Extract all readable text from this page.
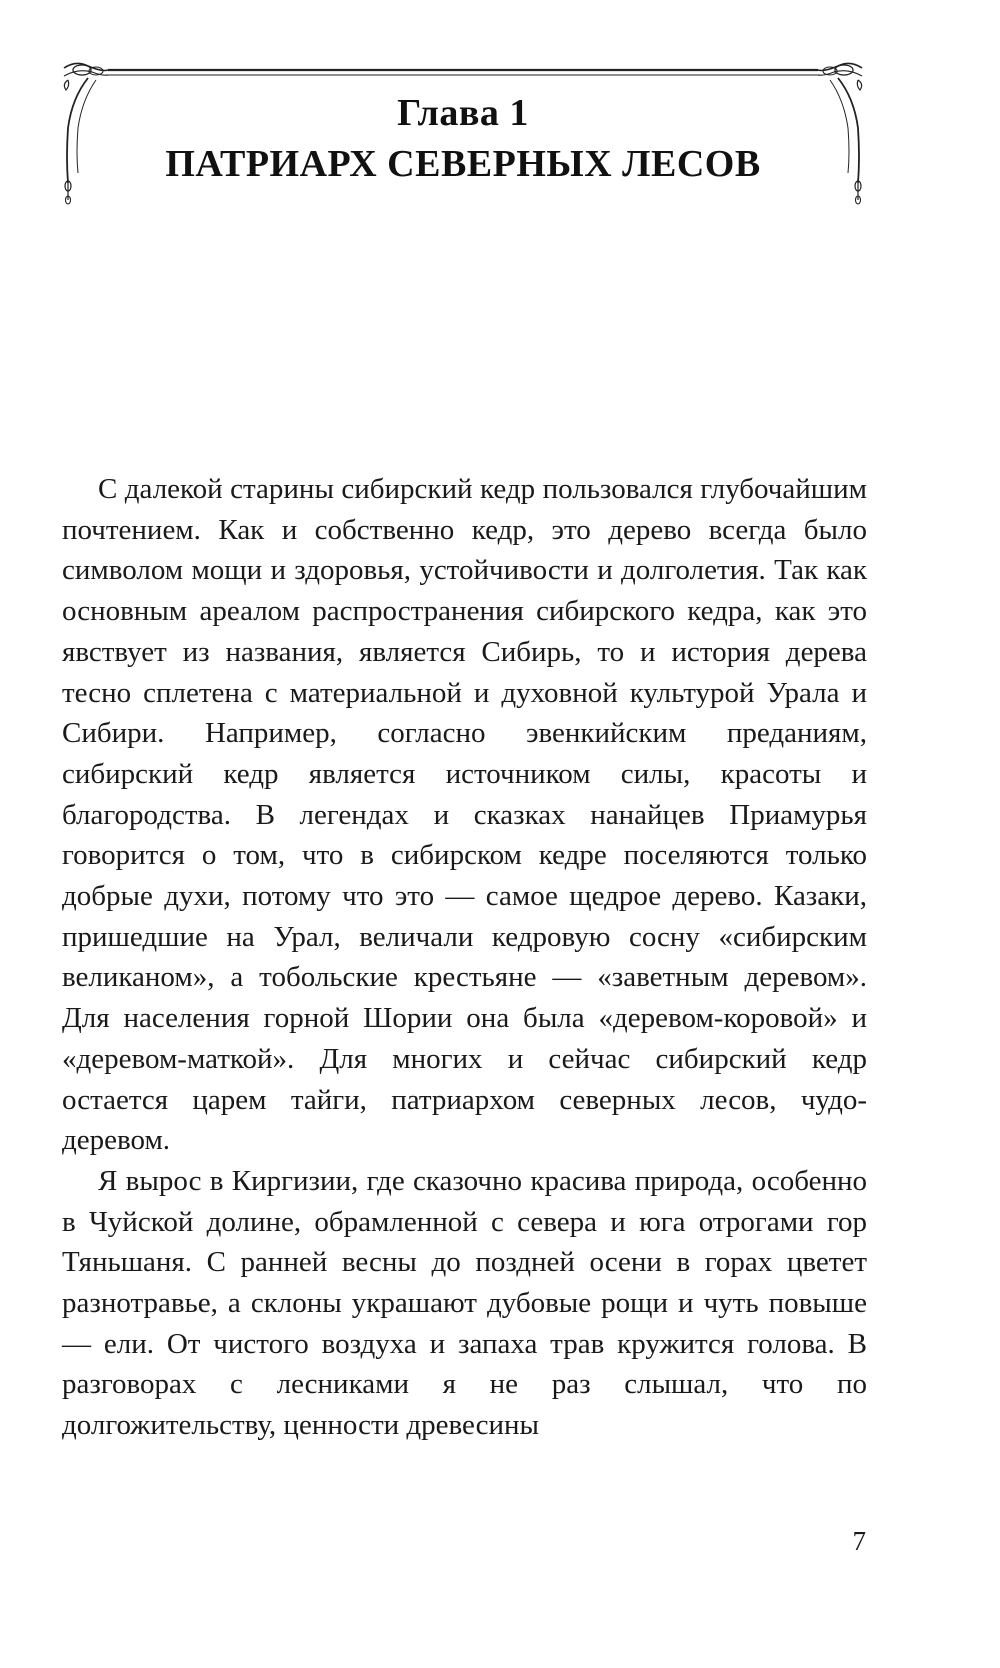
Глава 1
ПАТРИАРХ СЕВЕРНЫХ ЛЕСОВ

С далекой старины сибирский кедр пользовался глубочайшим почтением. Как и собственно кедр, это дерево всегда было символом мощи и здоровья, устойчивости и долголетия. Так как основным ареалом распространения сибирского кедра, как это явствует из названия, является Сибирь, то и история дерева тесно сплетена с материальной и духовной культурой Урала и Сибири. Например, согласно эвенкийским преданиям, сибирский кедр является источником силы, красоты и благородства. В легендах и сказках нанайцев Приамурья говорится о том, что в сибирском кедре поселяются только добрые духи, потому что это — самое щедрое дерево. Казаки, пришедшие на Урал, величали кедровую сосну «сибирским великаном», а тобольские крестьяне — «заветным деревом». Для населения горной Шории она была «деревом-коровой» и «деревом-маткой». Для многих и сейчас сибирский кедр остается царем тайги, патриархом северных лесов, чудо-деревом.

Я вырос в Киргизии, где сказочно красива природа, особенно в Чуйской долине, обрамленной с севера и юга отрогами гор Тяньшаня. С ранней весны до поздней осени в горах цветет разнотравье, а склоны украшают дубовые рощи и чуть повыше — ели. От чистого воздуха и запаха трав кружится голова. В разговорах с лесниками я не раз слышал, что по долгожительству, ценности древесины

7
